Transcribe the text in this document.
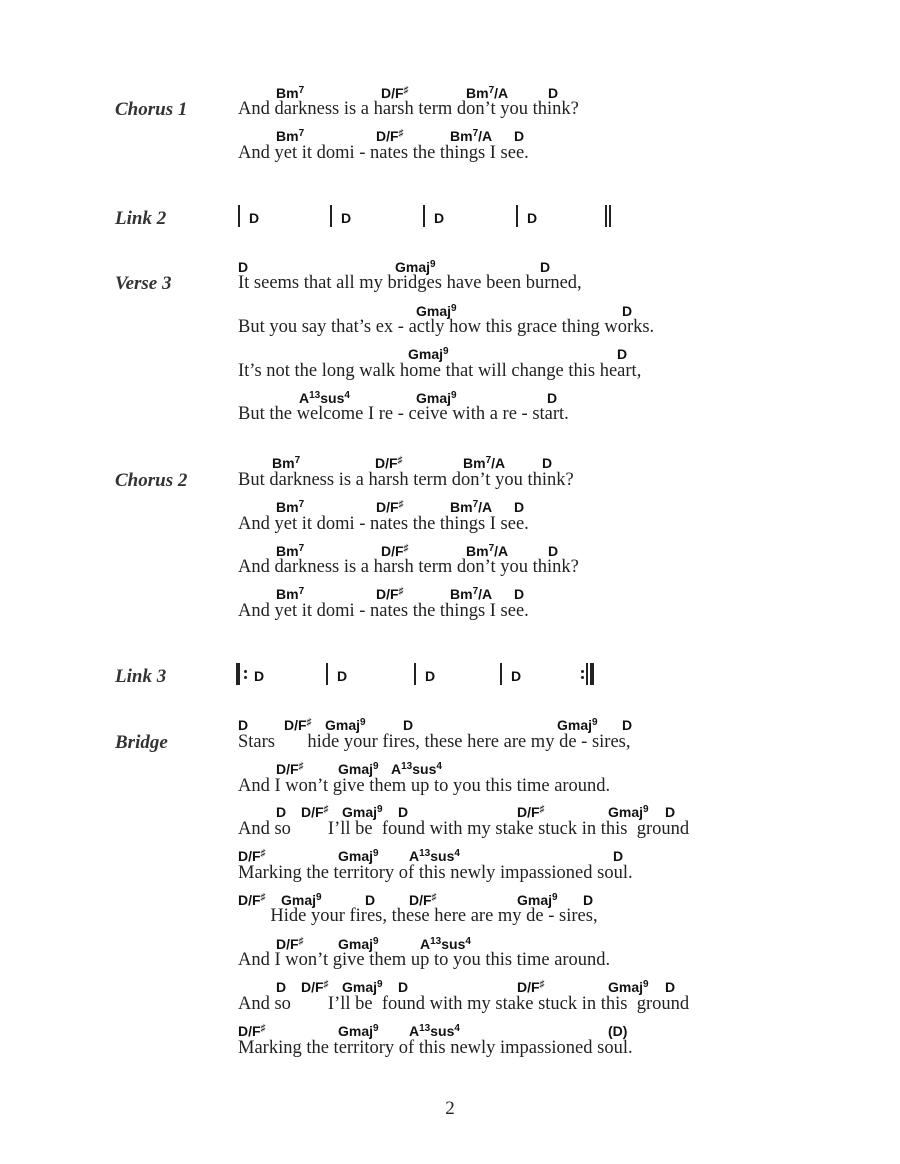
Chorus 1	And darkness is a harsh term don’t you think?
And yet it domi - nates the things I see.
Link 2	D	D	D	D
Verse 3	It seems that all my bridges have been burned,
But you say that’s ex - actly how this grace thing works.
It’s not the long walk home that will change this heart,
But the welcome I re - ceive with a re - start.
Chorus 2	But darkness is a harsh term don’t you think?
And yet it domi - nates the things I see.
And darkness is a harsh term don’t you think?
And yet it domi - nates the things I see.
Link 3	D	D	D	D
Bridge	Stars       hide your fires, these here are my de - sires,
And I won’t give them up to you this time around.
And so        I’ll be  found with my stake stuck in this  ground
Marking the territory of this newly impassioned soul.
Hide your fires, these here are my de - sires,
And I won’t give them up to you this time around.
And so        I’ll be  found with my stake stuck in this  ground
Marking the territory of this newly impassioned soul.
2
Bm$^7$	D/F♯	Bm$^7$/A	D
Bm$^7$	D/F♯	Bm$^7$/A D
D	Gmaj$^9$	D
Gmaj$^9$	D
Gmaj$^9$	D
$A^{13}sus^4$	Gmaj$^9$	D
Bm$^7$	D/F♯	Bm$^7$/A	D
Bm$^7$	D/F♯	Bm$^7$/A D
Bm$^7$	D/F♯	Bm$^7$/A	D
Bm$^7$	D/F♯	Bm$^7$/A D
D	D/F♯ Gmaj$^9$	D	Gmaj$^9$ D
D/F♯ Gmaj$^9$ $A^{13}sus^4$
D D/F♯ Gmaj$^9$ D	D/F♯	Gmaj$^9$ D
D/F♯	Gmaj$^9$ $A^{13}sus^4$	D
D/F♯ Gmaj$^9$	D D/F♯	Gmaj$^9$ D
D/F♯ Gmaj$^9$	$A^{13}sus^4$
D D/F♯ Gmaj$^9$ D	D/F♯	Gmaj$^9$ D
D/F♯	Gmaj$^9$ $A^{13}sus^4$	(D)
